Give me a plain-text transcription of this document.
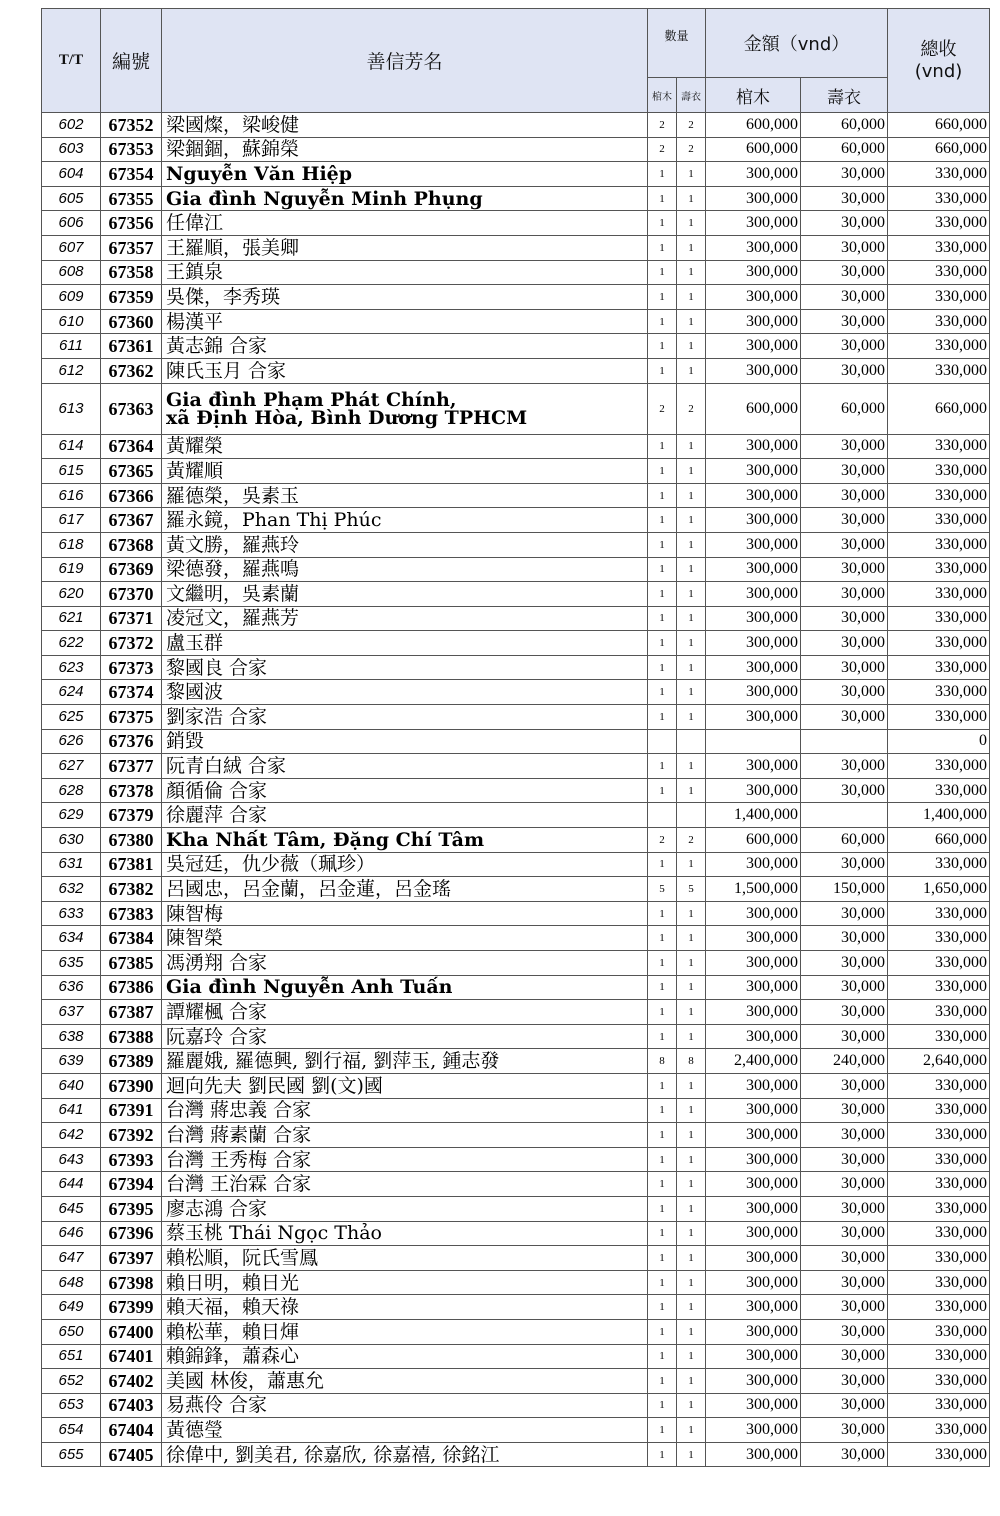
T/T	編號	善信芳名	數量		金額（vnd）		總收
(vnd)
			棺木	壽衣	棺木	壽衣	
602	67352	梁國燦，梁峻健	2	2	600,000	60,000	660,000
603	67353	梁錮錮，蘇錦榮	2	2	600,000	60,000	660,000
604	67354	Nguyễn Văn Hiệp	1	1	300,000	30,000	330,000
605	67355	Gia đình Nguyễn Minh Phụng	1	1	300,000	30,000	330,000
606	67356	任偉江	1	1	300,000	30,000	330,000
607	67357	王羅順，張美卿	1	1	300,000	30,000	330,000
608	67358	王鎮泉	1	1	300,000	30,000	330,000
609	67359	吳傑，李秀瑛	1	1	300,000	30,000	330,000
610	67360	楊漢平	1	1	300,000	30,000	330,000
611	67361	黃志錦 合家	1	1	300,000	30,000	330,000
612	67362	陳氏玉月 合家	1	1	300,000	30,000	330,000
613	67363	Gia đình Phạm Phát Chính,
xã Định Hòa, Bình Dương TPHCM	2	2	600,000	60,000	660,000
614	67364	黃耀榮	1	1	300,000	30,000	330,000
615	67365	黃耀順	1	1	300,000	30,000	330,000
616	67366	羅德榮，吳素玉	1	1	300,000	30,000	330,000
617	67367	羅永鏡，Phan Thị Phúc	1	1	300,000	30,000	330,000
618	67368	黃文勝，羅燕玲	1	1	300,000	30,000	330,000
619	67369	梁德發，羅燕鳴	1	1	300,000	30,000	330,000
620	67370	文繼明，吳素蘭	1	1	300,000	30,000	330,000
621	67371	凌冠文，羅燕芳	1	1	300,000	30,000	330,000
622	67372	盧玉群	1	1	300,000	30,000	330,000
623	67373	黎國良 合家	1	1	300,000	30,000	330,000
624	67374	黎國波	1	1	300,000	30,000	330,000
625	67375	劉家浩 合家	1	1	300,000	30,000	330,000
626	67376	銷毀					0
627	67377	阮青白絨 合家	1	1	300,000	30,000	330,000
628	67378	顏循倫 合家	1	1	300,000	30,000	330,000
629	67379	徐麗萍 合家			1,400,000		1,400,000
630	67380	Kha Nhất Tâm, Đặng Chí Tâm	2	2	600,000	60,000	660,000
631	67381	吳冠廷，仇少薇（珮珍）	1	1	300,000	30,000	330,000
632	67382	呂國忠，呂金蘭，呂金蓮，呂金瑤	5	5	1,500,000	150,000	1,650,000
633	67383	陳智梅	1	1	300,000	30,000	330,000
634	67384	陳智榮	1	1	300,000	30,000	330,000
635	67385	馮湧翔 合家	1	1	300,000	30,000	330,000
636	67386	Gia đình Nguyễn Anh Tuấn	1	1	300,000	30,000	330,000
637	67387	譚耀楓 合家	1	1	300,000	30,000	330,000
638	67388	阮嘉玲 合家	1	1	300,000	30,000	330,000
639	67389	羅麗娥, 羅德興, 劉行福, 劉萍玉, 鍾志發	8	8	2,400,000	240,000	2,640,000
640	67390	迴向先夫 劉民國 劉(文)國	1	1	300,000	30,000	330,000
641	67391	台灣 蔣忠義 合家	1	1	300,000	30,000	330,000
642	67392	台灣 蔣素蘭 合家	1	1	300,000	30,000	330,000
643	67393	台灣 王秀梅 合家	1	1	300,000	30,000	330,000
644	67394	台灣 王治霖 合家	1	1	300,000	30,000	330,000
645	67395	廖志鴻 合家	1	1	300,000	30,000	330,000
646	67396	蔡玉桃 Thái Ngọc Thảo	1	1	300,000	30,000	330,000
647	67397	賴松順，阮氏雪鳳	1	1	300,000	30,000	330,000
648	67398	賴日明，賴日光	1	1	300,000	30,000	330,000
649	67399	賴天福，賴天祿	1	1	300,000	30,000	330,000
650	67400	賴松華，賴日煇	1	1	300,000	30,000	330,000
651	67401	賴錦鋒，蕭森心	1	1	300,000	30,000	330,000
652	67402	美國 林俊，蕭惠允	1	1	300,000	30,000	330,000
653	67403	易燕伶 合家	1	1	300,000	30,000	330,000
654	67404	黃德瑩	1	1	300,000	30,000	330,000
655	67405	徐偉中, 劉美君, 徐嘉欣, 徐嘉禧, 徐銘江	1	1	300,000	30,000	330,000
